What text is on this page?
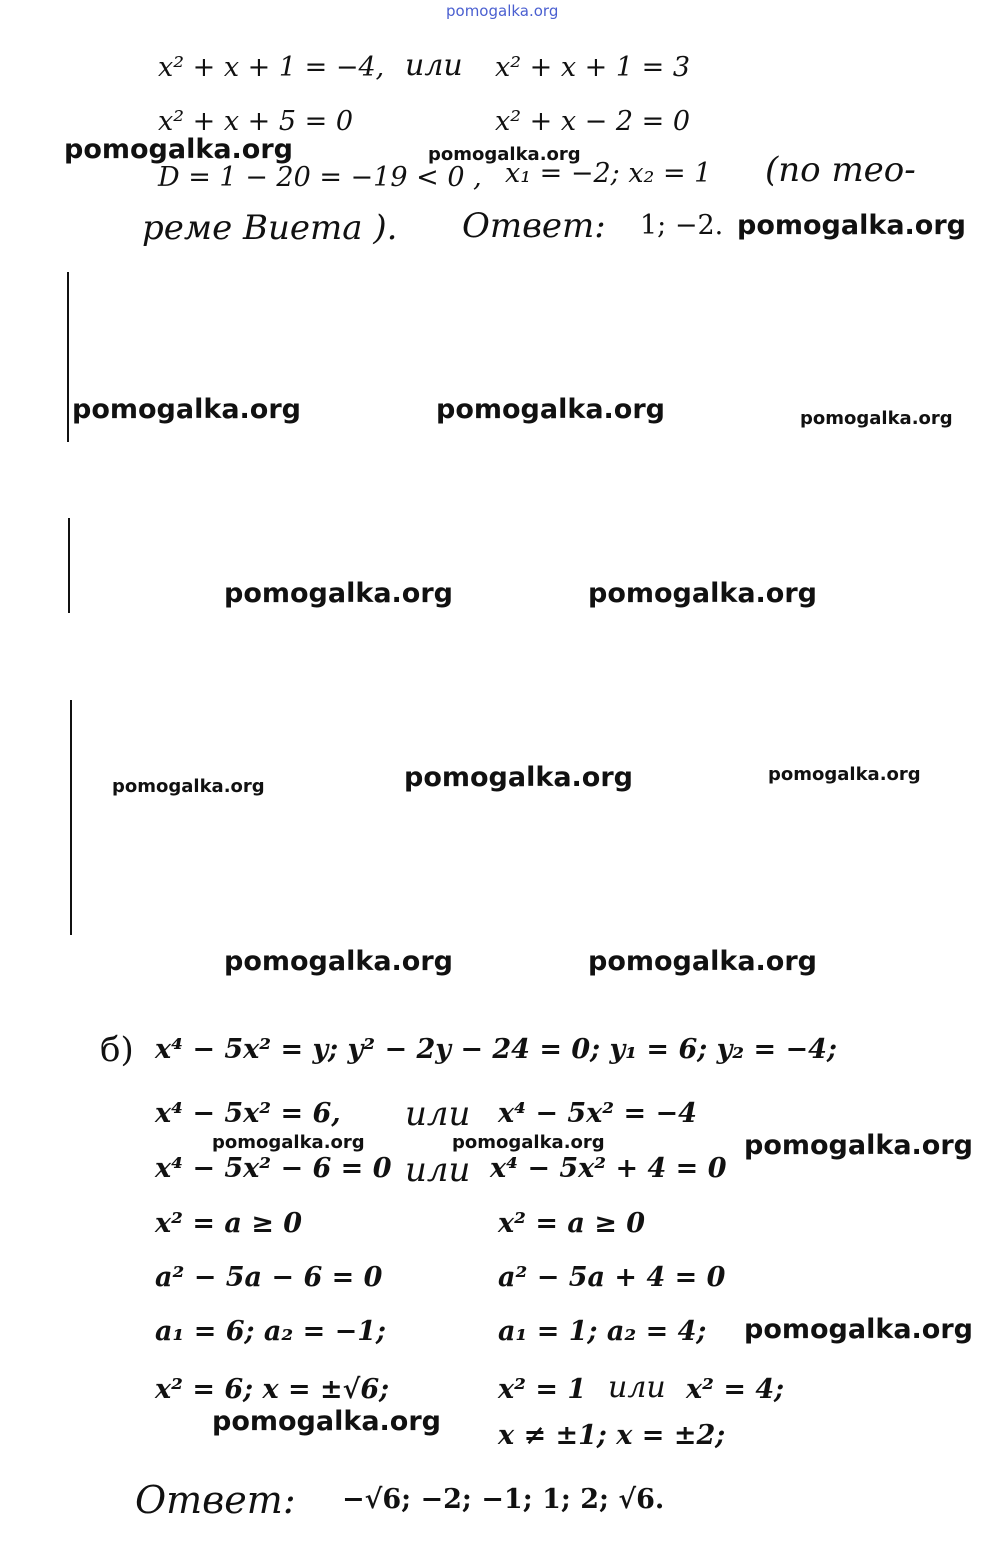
pomogalka.org
x² + x + 1 = −4, или x² + x + 1 = 3
x² + x + 5 = 0	x² + x − 2 = 0
D = 1 − 20 = −19 < 0 , x₁ = −2; x₂ = 1 (по тео-
реме Виета ). Ответ: 1; −2.
б) x⁴ − 5x² = y; y² − 2y − 24 = 0; y₁ = 6; y₂ = −4;
x⁴ − 5x² = 6, или x⁴ − 5x² = −4
x⁴ − 5x² − 6 = 0 или x⁴ − 5x² + 4 = 0
x² = a ≥ 0	x² = a ≥ 0
a² − 5a − 6 = 0	a² − 5a + 4 = 0
a₁ = 6; a₂ = −1;	a₁ = 1; a₂ = 4;
x² = 6; x = ±√6;	x² = 1 или x² = 4;
x ≠ ±1; x = ±2;
Ответ: −√6; −2; −1; 1; 2; √6.
pomogalka.org	pomogalka.org
pomogalka.org
pomogalka.org	pomogalka.org	pomogalka.org
pomogalka.org	pomogalka.org
pomogalka.org	pomogalka.org	pomogalka.org
pomogalka.org	pomogalka.org
pomogalka.org	pomogalka.org	pomogalka.org
pomogalka.org
pomogalka.org
